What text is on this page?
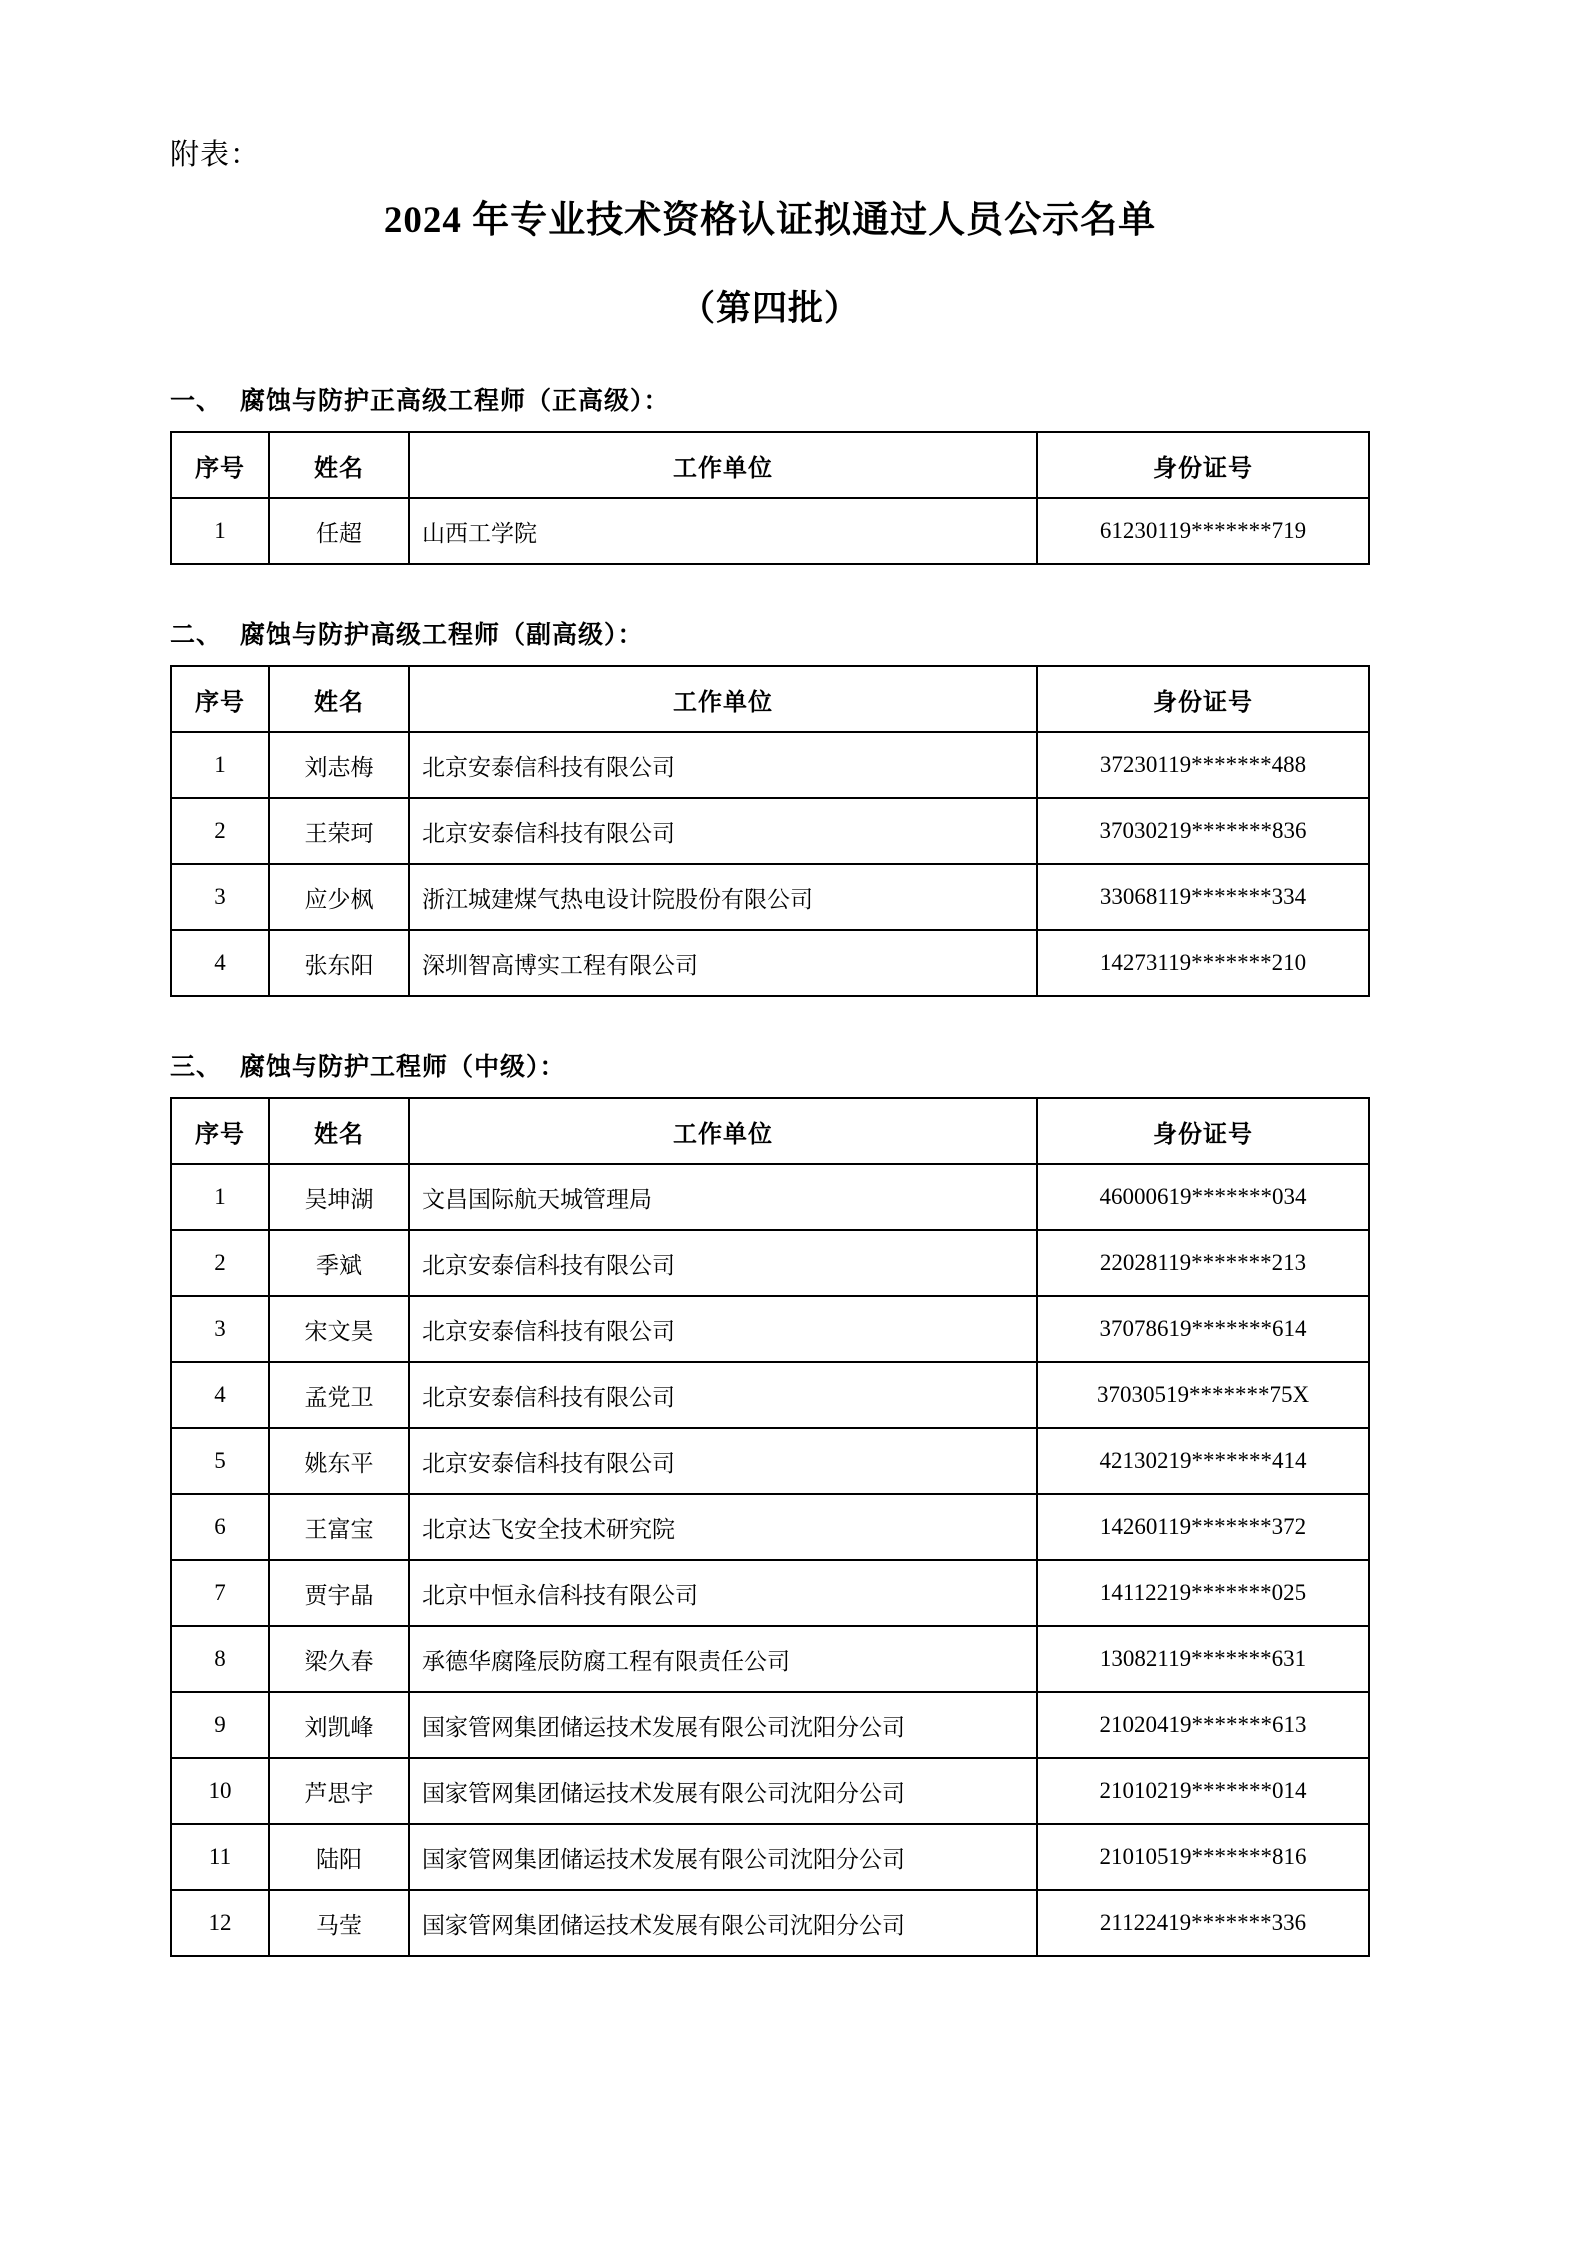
附表：

2024 年专业技术资格认证拟通过人员公示名单
（第四批）
一、 腐蚀与防护正高级工程师（正高级）：
序号	姓名	工作单位	身份证号
1	任超	山西工学院	61230119*******719
二、 腐蚀与防护高级工程师（副高级）：
序号	姓名	工作单位	身份证号
1	刘志梅	北京安泰信科技有限公司	37230119*******488
2	王荣珂	北京安泰信科技有限公司	37030219*******836
3	应少枫	浙江城建煤气热电设计院股份有限公司	33068119*******334
4	张东阳	深圳智高博实工程有限公司	14273119*******210
三、 腐蚀与防护工程师（中级）：
序号	姓名	工作单位	身份证号
1	吴坤湖	文昌国际航天城管理局	46000619*******034
2	季斌	北京安泰信科技有限公司	22028119*******213
3	宋文昊	北京安泰信科技有限公司	37078619*******614
4	孟党卫	北京安泰信科技有限公司	37030519*******75X
5	姚东平	北京安泰信科技有限公司	42130219*******414
6	王富宝	北京达飞安全技术研究院	14260119*******372
7	贾宇晶	北京中恒永信科技有限公司	14112219*******025
8	梁久春	承德华腐隆辰防腐工程有限责任公司	13082119*******631
9	刘凯峰	国家管网集团储运技术发展有限公司沈阳分公司	21020419*******613
10	芦思宇	国家管网集团储运技术发展有限公司沈阳分公司	21010219*******014
11	陆阳	国家管网集团储运技术发展有限公司沈阳分公司	21010519*******816
12	马莹	国家管网集团储运技术发展有限公司沈阳分公司	21122419*******336
